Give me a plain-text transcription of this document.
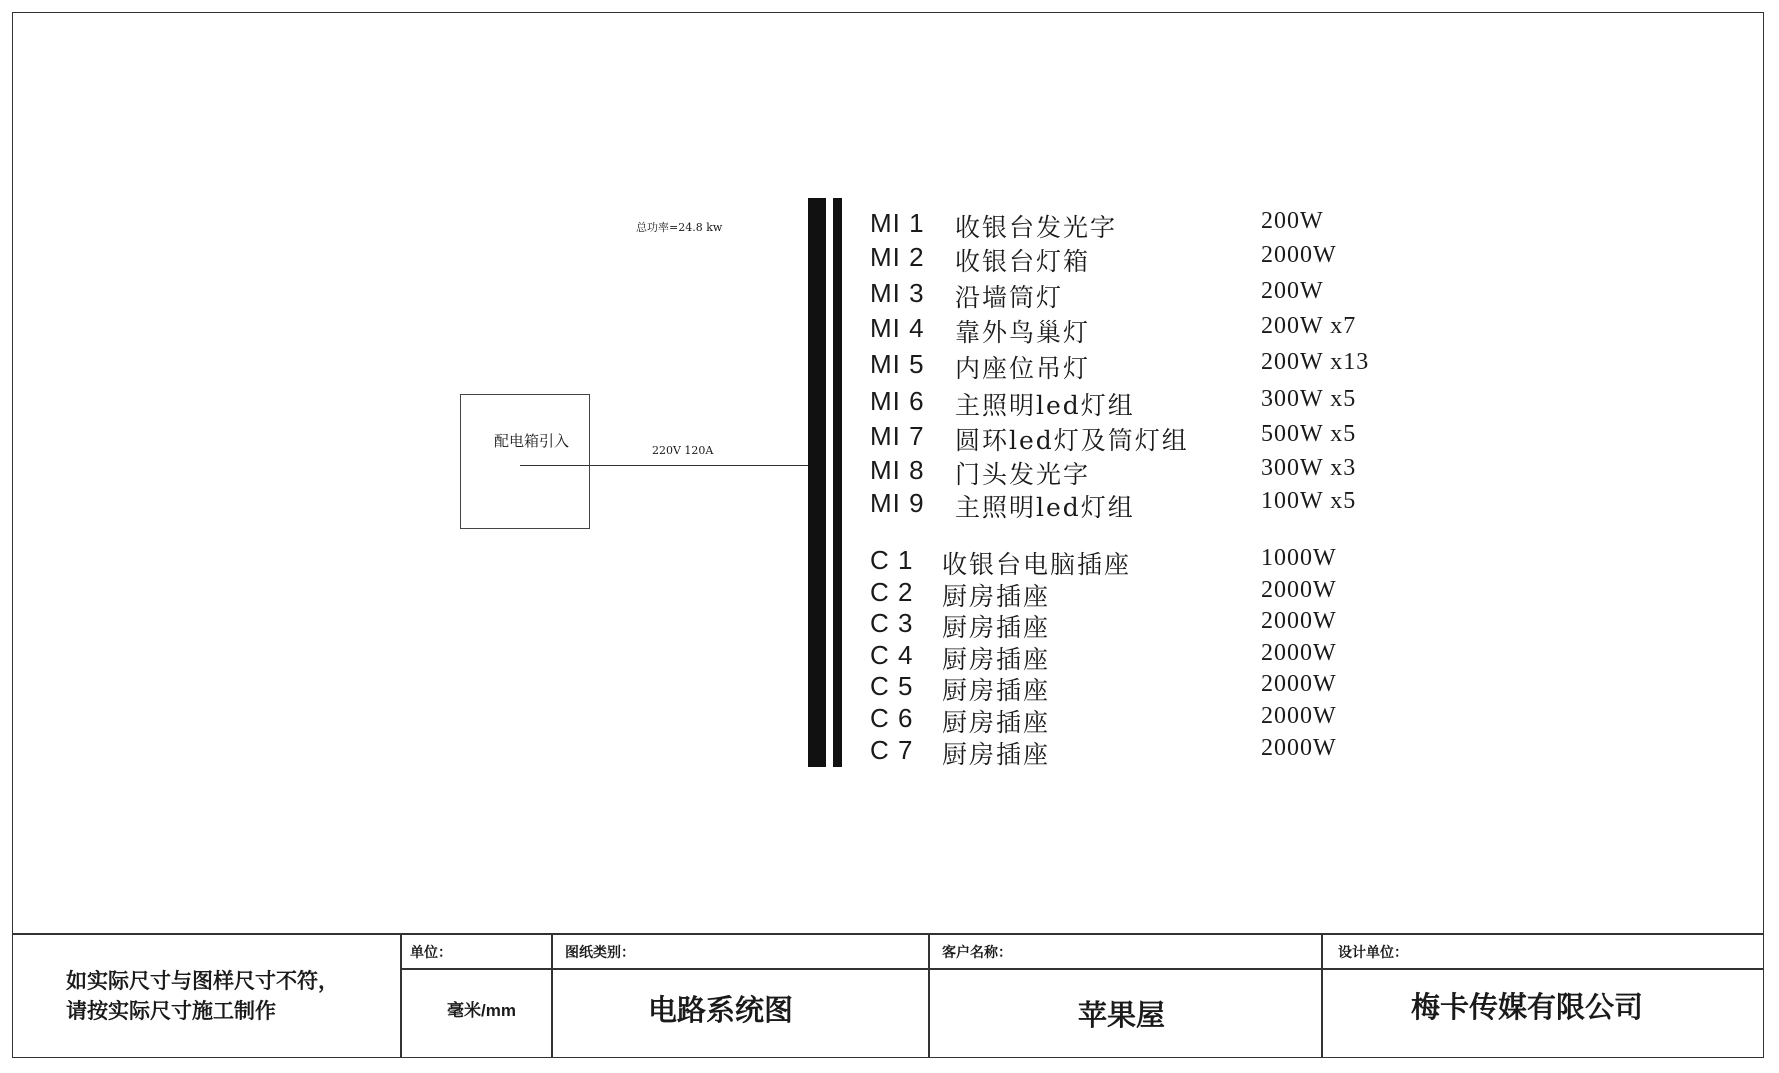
总功率=24.8 kw
配电箱引入
220V 120A
MI 1 收银台发光字	200W
MI 2 收银台灯箱	2000W
MI 3 沿墙筒灯	200W
MI 4 靠外鸟巢灯	200W x7
MI 5 内座位吊灯	200W x13
MI 6 主照明led灯组	300W x5
MI 7 圆环led灯及筒灯组	500W x5
MI 8 门头发光字	300W x3
MI 9 主照明led灯组	100W x5
C 1 收银台电脑插座	1000W
C 2 厨房插座	2000W
C 3 厨房插座	2000W
C 4 厨房插座	2000W
C 5 厨房插座	2000W
C 6 厨房插座	2000W
C 7 厨房插座	2000W
如实际尺寸与图样尺寸不符，
请按实际尺寸施工制作
单位：
毫米/mm
图纸类别：
电路系统图
客户名称：
苹果屋
设计单位：
梅卡传媒有限公司
